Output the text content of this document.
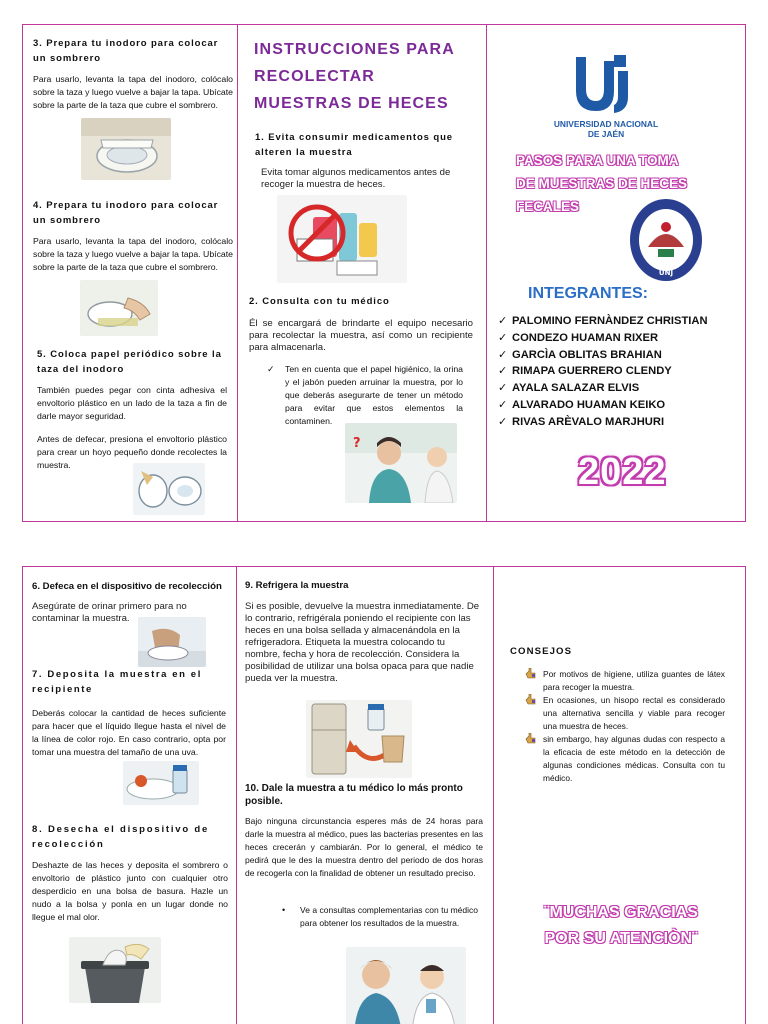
3. Prepara tu inodoro para colocar un sombrero
Para usarlo, levanta la tapa del inodoro, colócalo sobre la taza y luego vuelve a bajar la tapa. Ubícate sobre la parte de la taza que cubre el sombrero.
4. Prepara tu inodoro para colocar un sombrero
Para usarlo, levanta la tapa del inodoro, colócalo sobre la taza y luego vuelve a bajar la tapa. Ubícate sobre la parte de la taza que cubre el sombrero.
5. Coloca papel periódico sobre la taza del inodoro
También puedes pegar con cinta adhesiva el envoltorio plástico en un lado de la taza a fin de darle mayor seguridad.
Antes de defecar, presiona el envoltorio plástico para crear un hoyo pequeño donde recolectes la muestra.
INSTRUCCIONES PARA
RECOLECTAR
MUESTRAS DE HECES
1. Evita consumir medicamentos que alteren la muestra
Evita tomar algunos medicamentos antes de recoger la muestra de heces.
2. Consulta con tu médico
Él se encargará de brindarte el equipo necesario para recolectar la muestra, así como un recipiente para almacenarla.
✓	Ten en cuenta que el papel higiénico, la orina y el jabón pueden arruinar la muestra, por lo que deberás asegurarte de tener un método para evitar que estos elementos la contaminen.
?
UNIVERSIDAD NACIONAL
DE JAÉN
PASOS PARA UNA TOMA
DE MUESTRAS DE HECES
FECALES
UNJ
INTEGRANTES:
✓ PALOMINO FERNÀNDEZ CHRISTIAN
✓ CONDEZO HUAMAN RIXER
✓ GARCÌA OBLITAS BRAHIAN
✓ RIMAPA GUERRERO CLENDY
✓ AYALA SALAZAR ELVIS
✓ ALVARADO HUAMAN KEIKO
✓ RIVAS ARÈVALO MARJHURI
2022
6. Defeca en el dispositivo de recolección
Asegúrate de orinar primero para no contaminar la muestra.
7. Deposita la muestra en el recipiente
Deberás colocar la cantidad de heces suficiente para hacer que el líquido llegue hasta el nivel de la línea de color rojo. En caso contrario, opta por tomar una muestra del tamaño de una uva.
8. Desecha el dispositivo de recolección
Deshazte de las heces y deposita el sombrero o envoltorio de plástico junto con cualquier otro desperdicio en una bolsa de basura. Hazle un nudo a la bolsa y ponla en un lugar donde no llegue el mal olor.
9. Refrigera la muestra
Si es posible, devuelve la muestra inmediatamente. De lo contrario, refrigérala poniendo el recipiente con las heces en una bolsa sellada y almacenándola en la refrigeradora. Etiqueta la muestra colocando tu nombre, fecha y hora de recolección. Considera la posibilidad de utilizar una bolsa opaca para que nadie pueda ver la muestra.
10. Dale la muestra a tu médico lo más pronto posible.
Bajo ninguna circunstancia esperes más de 24 horas para darle la muestra al médico, pues las bacterias presentes en las heces crecerán y cambiarán. Por lo general, el médico te pedirá que le des la muestra dentro del periodo de dos horas de recogerla con la finalidad de obtener un resultado preciso.
•	Ve a consultas complementarias con tu médico para obtener los resultados de la muestra.
CONSEJOS
Por motivos de higiene, utiliza guantes de látex para recoger la muestra.
En ocasiones, un hisopo rectal es considerado una alternativa sencilla y viable para recoger una muestra de heces.
sin embargo, hay algunas dudas con respecto a la eficacia de este método en la detección de algunas condiciones médicas. Consulta con tu médico.
¨MUCHAS GRACIAS
POR SU ATENCIÒN¨
